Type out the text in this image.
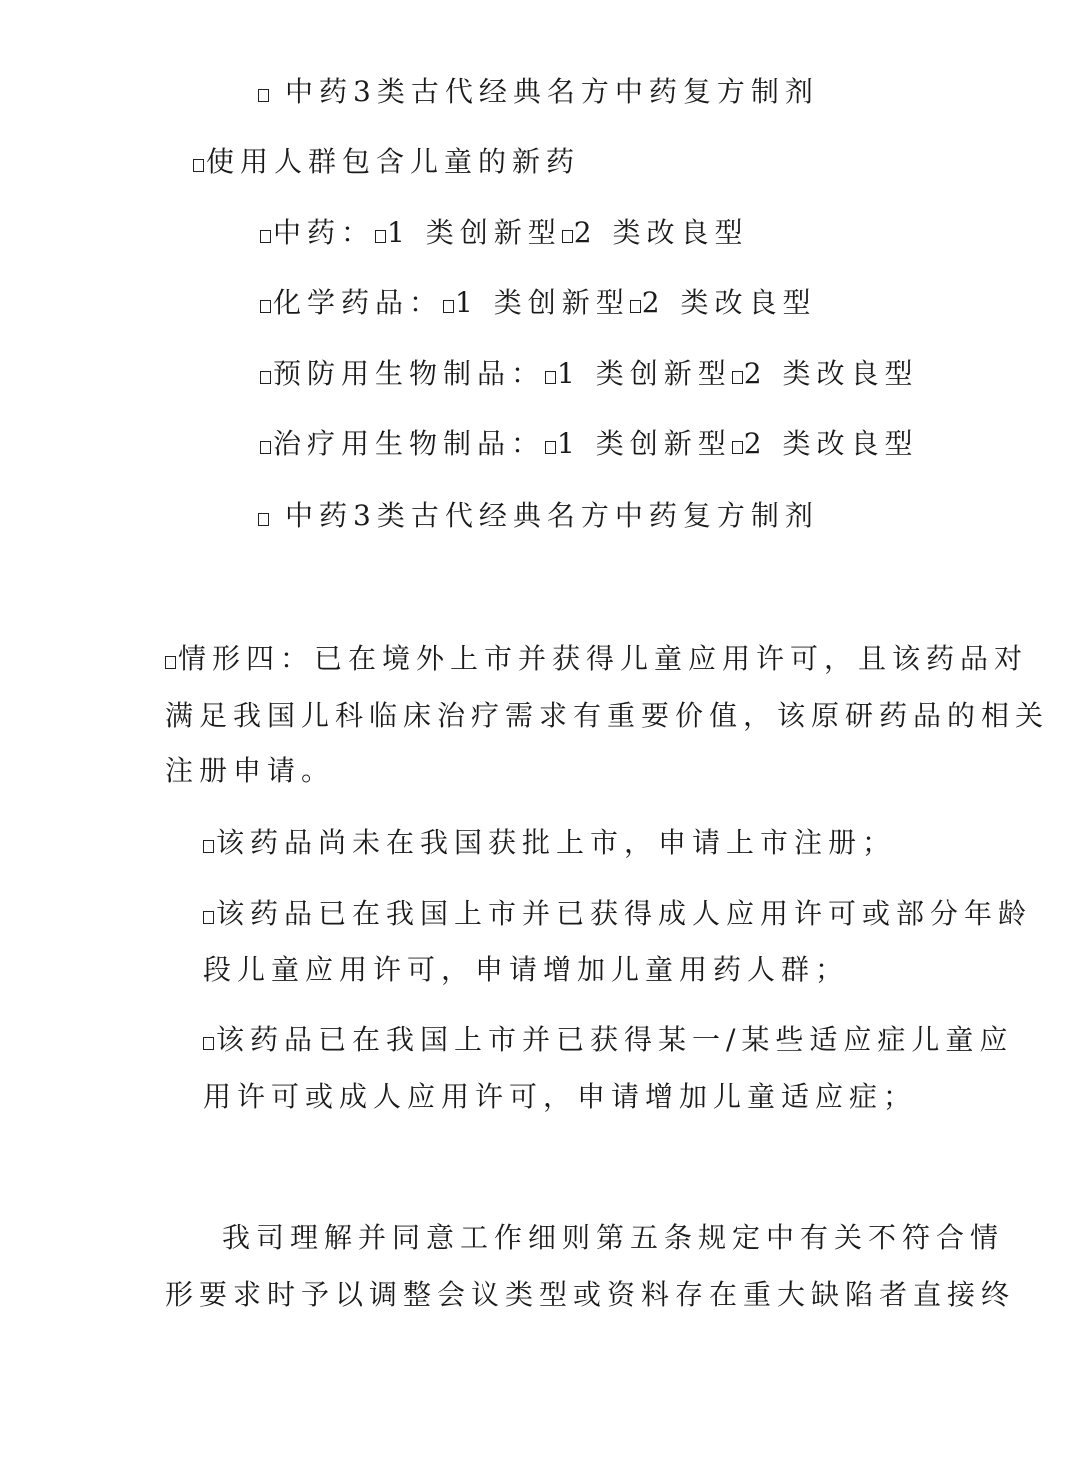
中药3类古代经典名方中药复方制剂
使用人群包含儿童的新药
中药： 1 类创新型 2 类改良型
化学药品： 1 类创新型 2 类改良型
预防用生物制品： 1 类创新型 2 类改良型
治疗用生物制品： 1 类创新型 2 类改良型
中药3类古代经典名方中药复方制剂
情形四：已在境外上市并获得儿童应用许可，且该药品对
满足我国儿科临床治疗需求有重要价值，该原研药品的相关
注册申请。
该药品尚未在我国获批上市，申请上市注册；
该药品已在我国上市并已获得成人应用许可或部分年龄
段儿童应用许可，申请增加儿童用药人群；
该药品已在我国上市并已获得某一/某些适应症儿童应
用许可或成人应用许可，申请增加儿童适应症；
我司理解并同意工作细则第五条规定中有关不符合情
形要求时予以调整会议类型或资料存在重大缺陷者直接终
